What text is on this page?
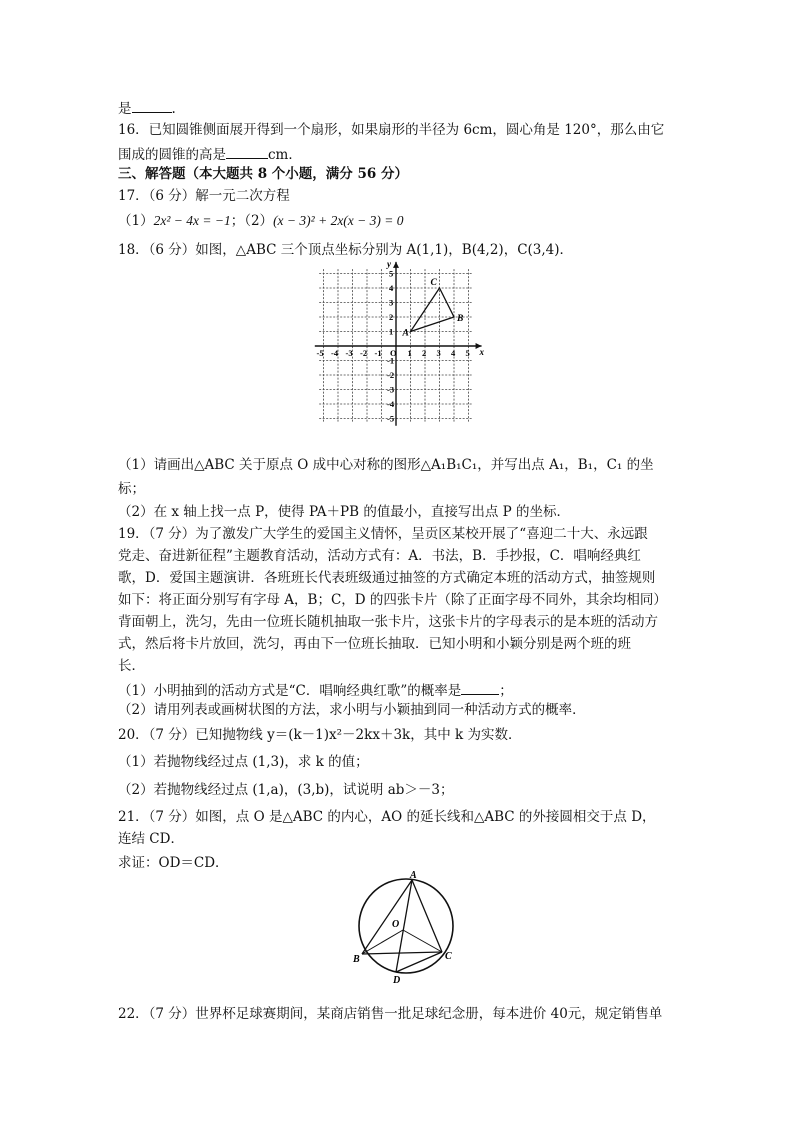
是	.
16．已知圆锥侧面展开得到一个扇形，如果扇形的半径为 6cm，圆心角是 120°，那么由它
围成的圆锥的高是	cm．
三、解答题（本大题共 8 个小题，满分 56 分）
17．（6 分）解一元二次方程
（1）2x² − 4x = −1；（2）(x − 3)² + 2x(x − 3) = 0
18．（6 分）如图，△ABC 三个顶点坐标分别为 A(1,1)，B(4,2)，C(3,4)．
x
y
-5 -4 -3 -2 -1 O 1 2 3 4 5
1
2
3
4
5
-1
-2
-3
-4
-5
A
B
C
（1）请画出△ABC 关于原点 O 成中心对称的图形△A₁B₁C₁，并写出点 A₁，B₁，C₁ 的坐
标；
（2）在 x 轴上找一点 P，使得 PA＋PB 的值最小，直接写出点 P 的坐标．
19．（7 分）为了激发广大学生的爱国主义情怀，呈贡区某校开展了“喜迎二十大、永远跟
党走、奋进新征程”主题教育活动，活动方式有：A．书法，B．手抄报，C．唱响经典红
歌，D．爱国主题演讲．各班班长代表班级通过抽签的方式确定本班的活动方式，抽签规则
如下：将正面分别写有字母 A，B；C，D 的四张卡片（除了正面字母不同外，其余均相同）
背面朝上，洗匀，先由一位班长随机抽取一张卡片，这张卡片的字母表示的是本班的活动方
式，然后将卡片放回，洗匀，再由下一位班长抽取．已知小明和小颖分别是两个班的班
长．
（1）小明抽到的活动方式是“C．唱响经典红歌”的概率是	；
（2）请用列表或画树状图的方法，求小明与小颖抽到同一种活动方式的概率．
20．（7 分）已知抛物线 y＝(k－1)x²－2kx＋3k，其中 k 为实数．
（1）若抛物线经过点 (1,3)，求 k 的值；
（2）若抛物线经过点 (1,a)，(3,b)，试说明 ab＞－3；
21．（7 分）如图，点 O 是△ABC 的内心，AO 的延长线和△ABC 的外接圆相交于点 D，
连结 CD．
求证：OD＝CD．
A
O
B	C
D
22．（7 分）世界杯足球赛期间，某商店销售一批足球纪念册，每本进价 40元，规定销售单
